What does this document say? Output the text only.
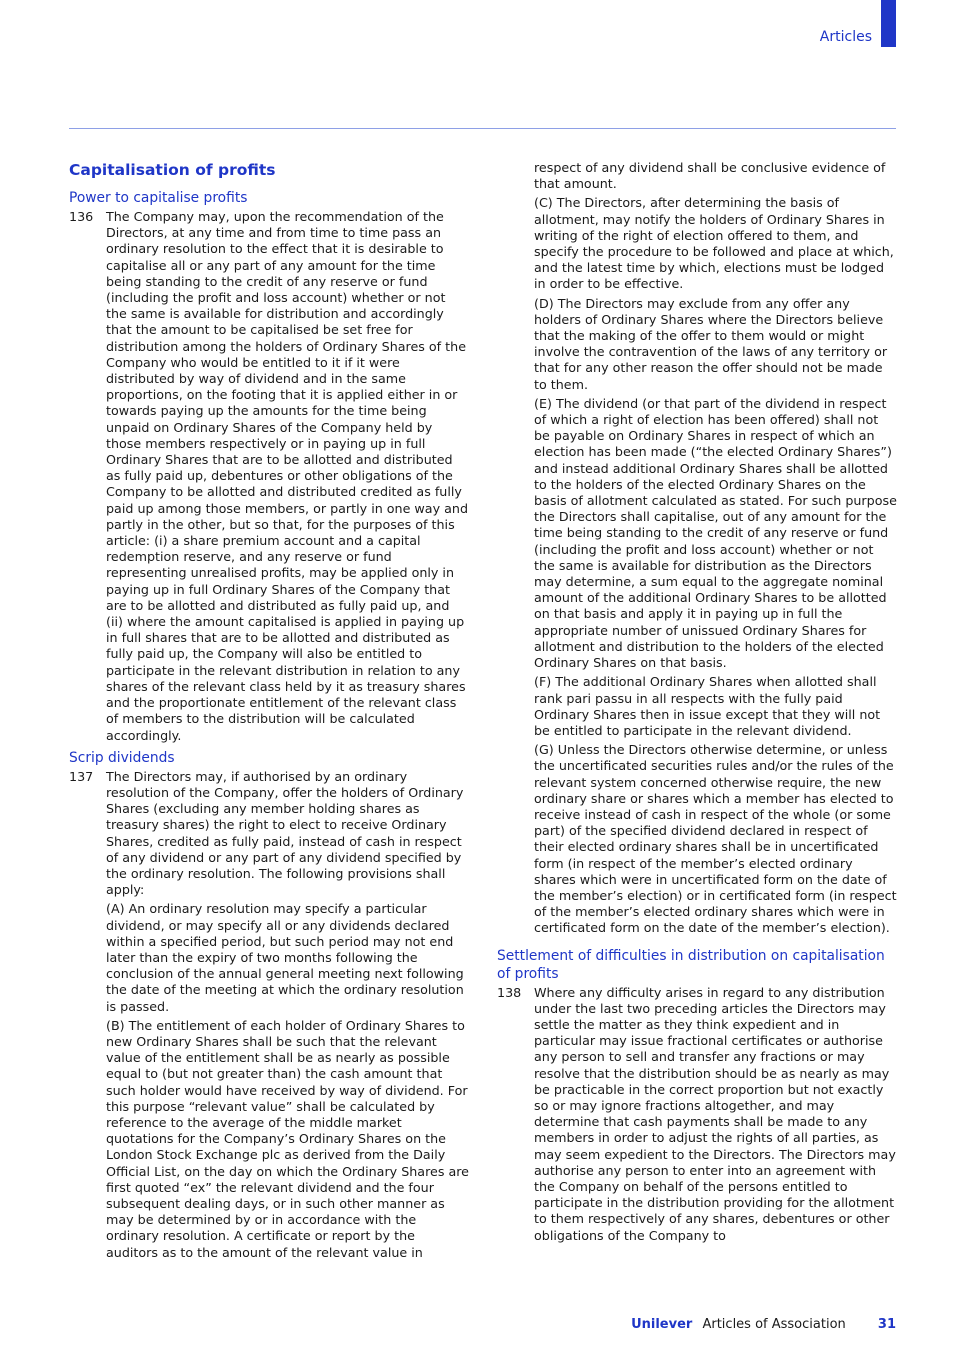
Articles
Capitalisation of profits
Power to capitalise profits
136 The Company may, upon the recommendation of the Directors, at any time and from time to time pass an ordinary resolution to the effect that it is desirable to capitalise all or any part of any amount for the time being standing to the credit of any reserve or fund (including the profit and loss account) whether or not the same is available for distribution and accordingly that the amount to be capitalised be set free for distribution among the holders of Ordinary Shares of the Company who would be entitled to it if it were distributed by way of dividend and in the same proportions, on the footing that it is applied either in or towards paying up the amounts for the time being unpaid on Ordinary Shares of the Company held by those members respectively or in paying up in full Ordinary Shares that are to be allotted and distributed as fully paid up, debentures or other obligations of the Company to be allotted and distributed credited as fully paid up among those members, or partly in one way and partly in the other, but so that, for the purposes of this article: (i) a share premium account and a capital redemption reserve, and any reserve or fund representing unrealised profits, may be applied only in paying up in full Ordinary Shares of the Company that are to be allotted and distributed as fully paid up, and (ii) where the amount capitalised is applied in paying up in full shares that are to be allotted and distributed as fully paid up, the Company will also be entitled to participate in the relevant distribution in relation to any shares of the relevant class held by it as treasury shares and the proportionate entitlement of the relevant class of members to the distribution will be calculated accordingly.
Scrip dividends
137 The Directors may, if authorised by an ordinary resolution of the Company, offer the holders of Ordinary Shares (excluding any member holding shares as treasury shares) the right to elect to receive Ordinary Shares, credited as fully paid, instead of cash in respect of any dividend or any part of any dividend specified by the ordinary resolution. The following provisions shall apply:
(A) An ordinary resolution may specify a particular dividend, or may specify all or any dividends declared within a specified period, but such period may not end later than the expiry of two months following the conclusion of the annual general meeting next following the date of the meeting at which the ordinary resolution is passed.
(B) The entitlement of each holder of Ordinary Shares to new Ordinary Shares shall be such that the relevant value of the entitlement shall be as nearly as possible equal to (but not greater than) the cash amount that such holder would have received by way of dividend. For this purpose “relevant value” shall be calculated by reference to the average of the middle market quotations for the Company’s Ordinary Shares on the London Stock Exchange plc as derived from the Daily Official List, on the day on which the Ordinary Shares are first quoted “ex” the relevant dividend and the four subsequent dealing days, or in such other manner as may be determined by or in accordance with the ordinary resolution. A certificate or report by the auditors as to the amount of the relevant value in
respect of any dividend shall be conclusive evidence of that amount.
(C) The Directors, after determining the basis of allotment, may notify the holders of Ordinary Shares in writing of the right of election offered to them, and specify the procedure to be followed and place at which, and the latest time by which, elections must be lodged in order to be effective.
(D) The Directors may exclude from any offer any holders of Ordinary Shares where the Directors believe that the making of the offer to them would or might involve the contravention of the laws of any territory or that for any other reason the offer should not be made to them.
(E) The dividend (or that part of the dividend in respect of which a right of election has been offered) shall not be payable on Ordinary Shares in respect of which an election has been made (“the elected Ordinary Shares”) and instead additional Ordinary Shares shall be allotted to the holders of the elected Ordinary Shares on the basis of allotment calculated as stated. For such purpose the Directors shall capitalise, out of any amount for the time being standing to the credit of any reserve or fund (including the profit and loss account) whether or not the same is available for distribution as the Directors may determine, a sum equal to the aggregate nominal amount of the additional Ordinary Shares to be allotted on that basis and apply it in paying up in full the appropriate number of unissued Ordinary Shares for allotment and distribution to the holders of the elected Ordinary Shares on that basis.
(F) The additional Ordinary Shares when allotted shall rank pari passu in all respects with the fully paid Ordinary Shares then in issue except that they will not be entitled to participate in the relevant dividend.
(G) Unless the Directors otherwise determine, or unless the uncertificated securities rules and/or the rules of the relevant system concerned otherwise require, the new ordinary share or shares which a member has elected to receive instead of cash in respect of the whole (or some part) of the specified dividend declared in respect of their elected ordinary shares shall be in uncertificated form (in respect of the member’s elected ordinary shares which were in uncertificated form on the date of the member’s election) or in certificated form (in respect of the member’s elected ordinary shares which were in certificated form on the date of the member’s election).
Settlement of difficulties in distribution on capitalisation of profits
138 Where any difficulty arises in regard to any distribution under the last two preceding articles the Directors may settle the matter as they think expedient and in particular may issue fractional certificates or authorise any person to sell and transfer any fractions or may resolve that the distribution should be as nearly as may be practicable in the correct proportion but not exactly so or may ignore fractions altogether, and may determine that cash payments shall be made to any members in order to adjust the rights of all parties, as may seem expedient to the Directors. The Directors may authorise any person to enter into an agreement with the Company on behalf of the persons entitled to participate in the distribution providing for the allotment to them respectively of any shares, debentures or other obligations of the Company to
Unilever Articles of Association 31
